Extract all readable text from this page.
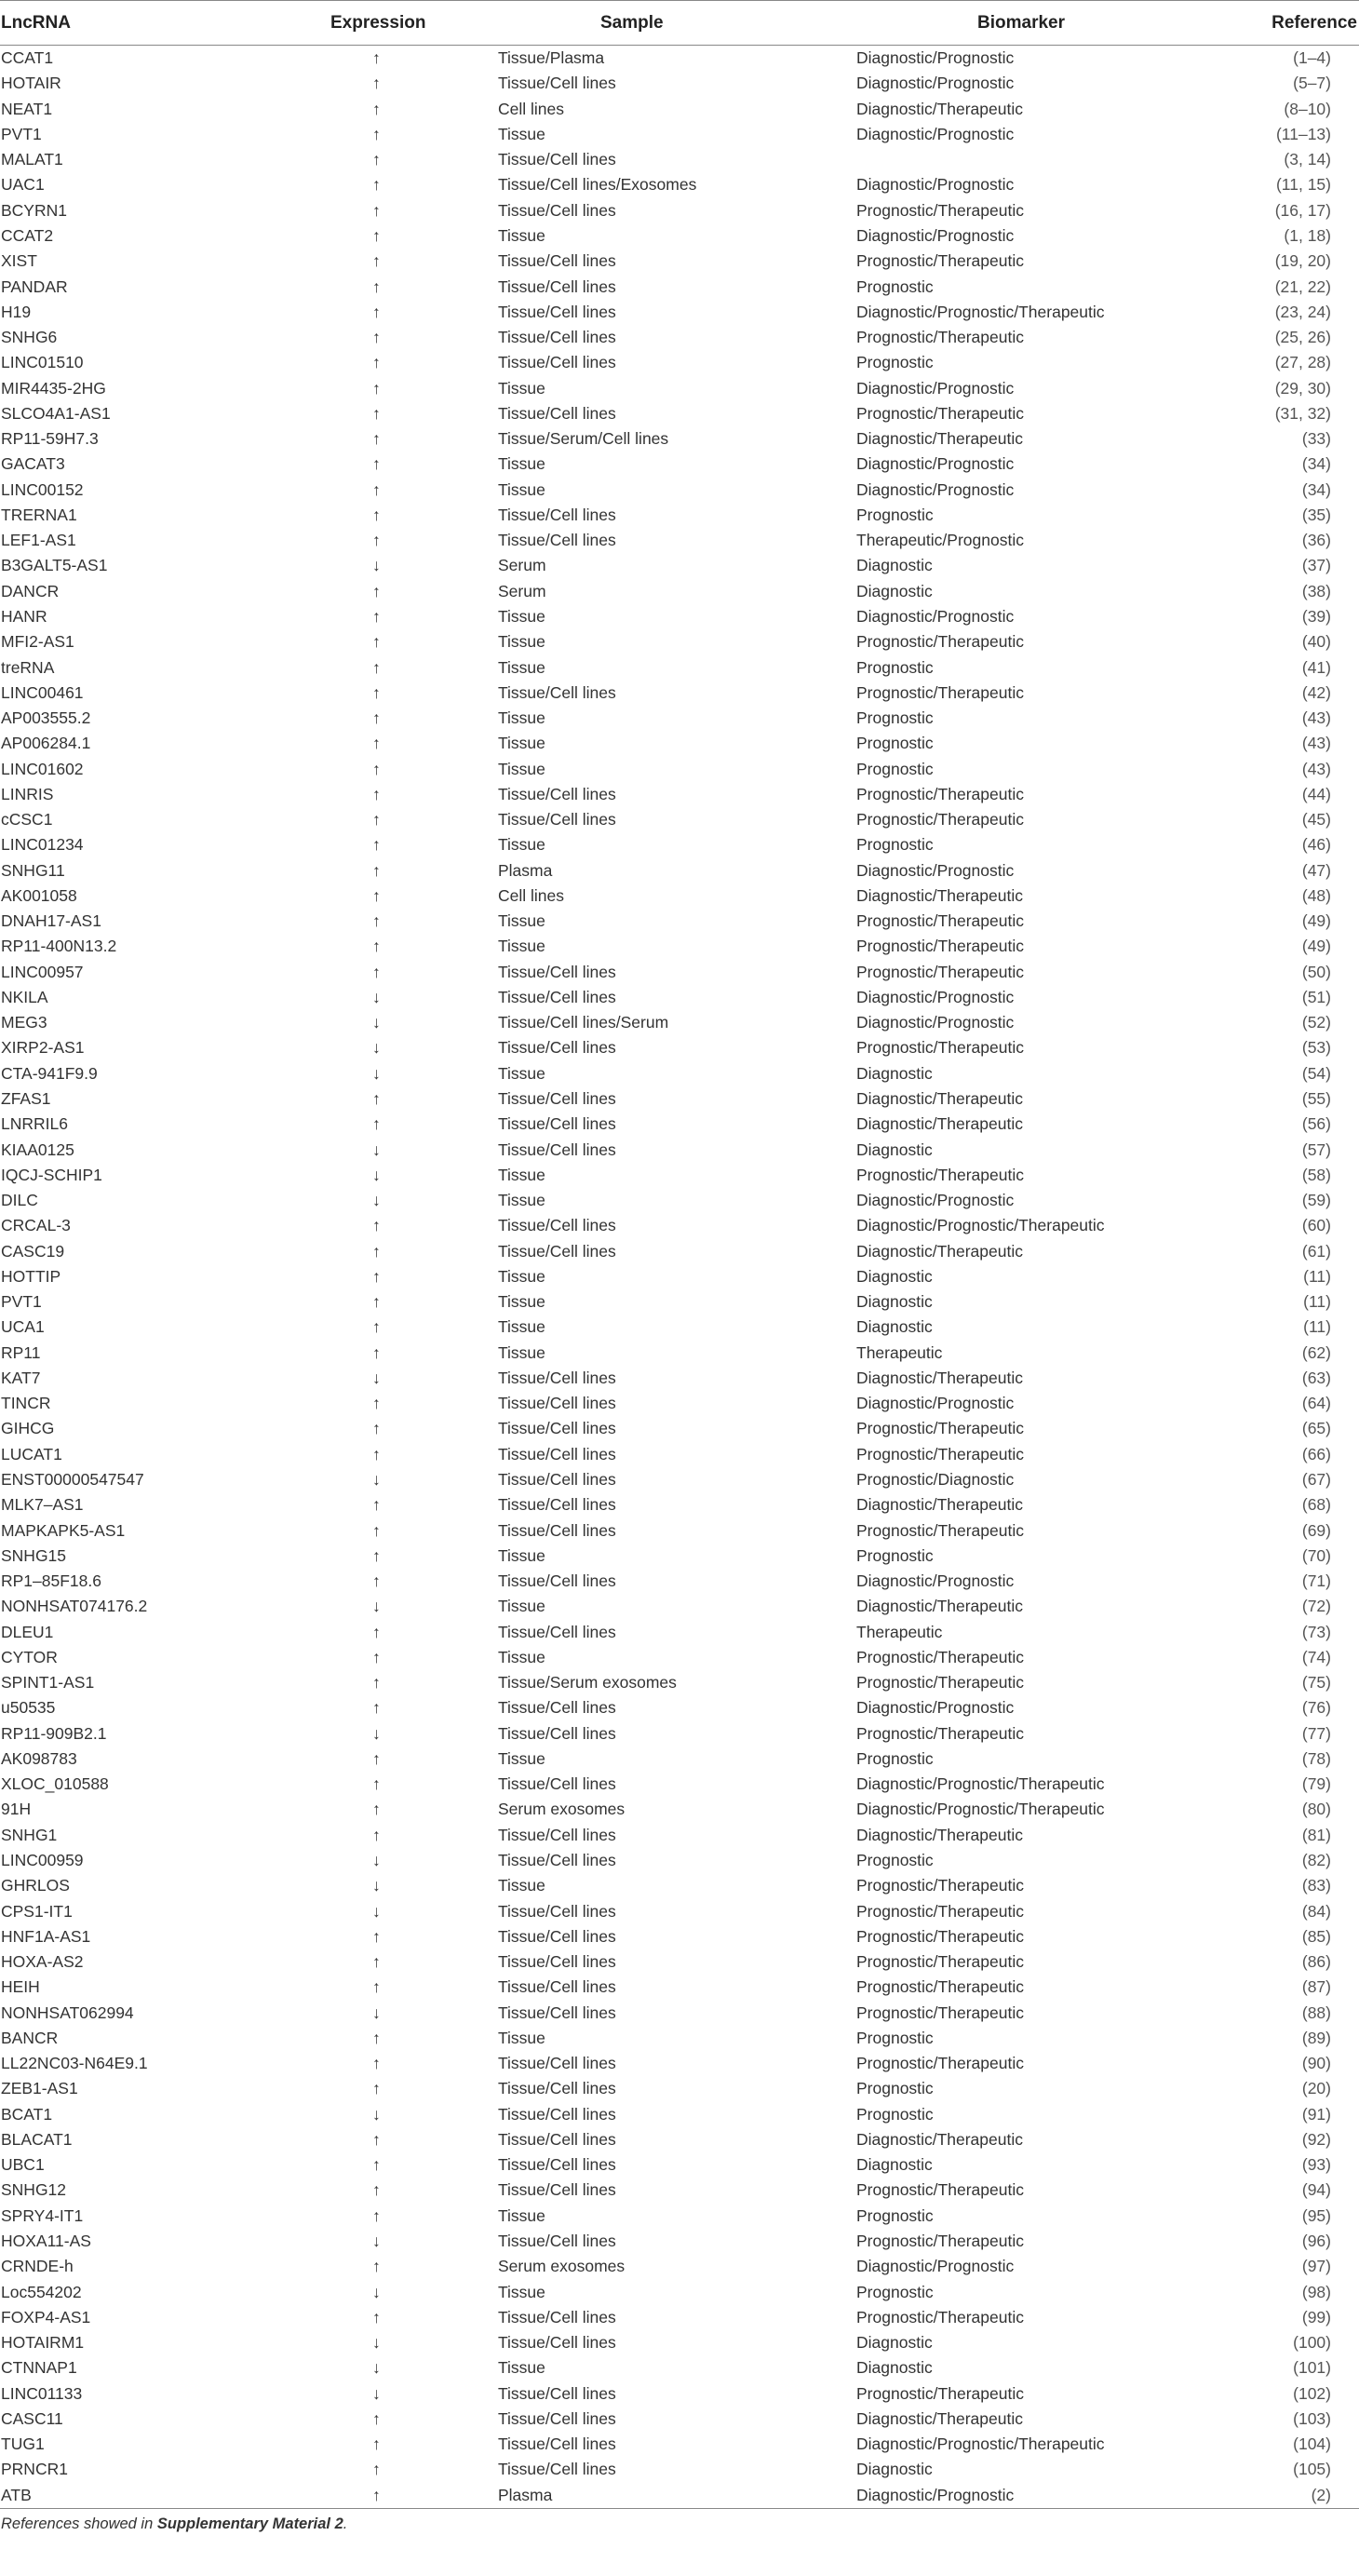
LncRNA	Expression	Sample	Biomarker	Reference
CCAT1	↑	Tissue/Plasma	Diagnostic/Prognostic	(1–4)
HOTAIR	↑	Tissue/Cell lines	Diagnostic/Prognostic	(5–7)
NEAT1	↑	Cell lines	Diagnostic/Therapeutic	(8–10)
PVT1	↑	Tissue	Diagnostic/Prognostic	(11–13)
MALAT1	↑	Tissue/Cell lines		(3, 14)
UAC1	↑	Tissue/Cell lines/Exosomes	Diagnostic/Prognostic	(11, 15)
BCYRN1	↑	Tissue/Cell lines	Prognostic/Therapeutic	(16, 17)
CCAT2	↑	Tissue	Diagnostic/Prognostic	(1, 18)
XIST	↑	Tissue/Cell lines	Prognostic/Therapeutic	(19, 20)
PANDAR	↑	Tissue/Cell lines	Prognostic	(21, 22)
H19	↑	Tissue/Cell lines	Diagnostic/Prognostic/Therapeutic	(23, 24)
SNHG6	↑	Tissue/Cell lines	Prognostic/Therapeutic	(25, 26)
LINC01510	↑	Tissue/Cell lines	Prognostic	(27, 28)
MIR4435-2HG	↑	Tissue	Diagnostic/Prognostic	(29, 30)
SLCO4A1-AS1	↑	Tissue/Cell lines	Prognostic/Therapeutic	(31, 32)
RP11-59H7.3	↑	Tissue/Serum/Cell lines	Diagnostic/Therapeutic	(33)
GACAT3	↑	Tissue	Diagnostic/Prognostic	(34)
LINC00152	↑	Tissue	Diagnostic/Prognostic	(34)
TRERNA1	↑	Tissue/Cell lines	Prognostic	(35)
LEF1-AS1	↑	Tissue/Cell lines	Therapeutic/Prognostic	(36)
B3GALT5-AS1	↓	Serum	Diagnostic	(37)
DANCR	↑	Serum	Diagnostic	(38)
HANR	↑	Tissue	Diagnostic/Prognostic	(39)
MFI2-AS1	↑	Tissue	Prognostic/Therapeutic	(40)
treRNA	↑	Tissue	Prognostic	(41)
LINC00461	↑	Tissue/Cell lines	Prognostic/Therapeutic	(42)
AP003555.2	↑	Tissue	Prognostic	(43)
AP006284.1	↑	Tissue	Prognostic	(43)
LINC01602	↑	Tissue	Prognostic	(43)
LINRIS	↑	Tissue/Cell lines	Prognostic/Therapeutic	(44)
cCSC1	↑	Tissue/Cell lines	Prognostic/Therapeutic	(45)
LINC01234	↑	Tissue	Prognostic	(46)
SNHG11	↑	Plasma	Diagnostic/Prognostic	(47)
AK001058	↑	Cell lines	Diagnostic/Therapeutic	(48)
DNAH17-AS1	↑	Tissue	Prognostic/Therapeutic	(49)
RP11-400N13.2	↑	Tissue	Prognostic/Therapeutic	(49)
LINC00957	↑	Tissue/Cell lines	Prognostic/Therapeutic	(50)
NKILA	↓	Tissue/Cell lines	Diagnostic/Prognostic	(51)
MEG3	↓	Tissue/Cell lines/Serum	Diagnostic/Prognostic	(52)
XIRP2-AS1	↓	Tissue/Cell lines	Prognostic/Therapeutic	(53)
CTA-941F9.9	↓	Tissue	Diagnostic	(54)
ZFAS1	↑	Tissue/Cell lines	Diagnostic/Therapeutic	(55)
LNRRIL6	↑	Tissue/Cell lines	Diagnostic/Therapeutic	(56)
KIAA0125	↓	Tissue/Cell lines	Diagnostic	(57)
IQCJ-SCHIP1	↓	Tissue	Prognostic/Therapeutic	(58)
DILC	↓	Tissue	Diagnostic/Prognostic	(59)
CRCAL-3	↑	Tissue/Cell lines	Diagnostic/Prognostic/Therapeutic	(60)
CASC19	↑	Tissue/Cell lines	Diagnostic/Therapeutic	(61)
HOTTIP	↑	Tissue	Diagnostic	(11)
PVT1	↑	Tissue	Diagnostic	(11)
UCA1	↑	Tissue	Diagnostic	(11)
RP11	↑	Tissue	Therapeutic	(62)
KAT7	↓	Tissue/Cell lines	Diagnostic/Therapeutic	(63)
TINCR	↑	Tissue/Cell lines	Diagnostic/Prognostic	(64)
GIHCG	↑	Tissue/Cell lines	Prognostic/Therapeutic	(65)
LUCAT1	↑	Tissue/Cell lines	Prognostic/Therapeutic	(66)
ENST00000547547	↓	Tissue/Cell lines	Prognostic/Diagnostic	(67)
MLK7–AS1	↑	Tissue/Cell lines	Diagnostic/Therapeutic	(68)
MAPKAPK5-AS1	↑	Tissue/Cell lines	Prognostic/Therapeutic	(69)
SNHG15	↑	Tissue	Prognostic	(70)
RP1–85F18.6	↑	Tissue/Cell lines	Diagnostic/Prognostic	(71)
NONHSAT074176.2	↓	Tissue	Diagnostic/Therapeutic	(72)
DLEU1	↑	Tissue/Cell lines	Therapeutic	(73)
CYTOR	↑	Tissue	Prognostic/Therapeutic	(74)
SPINT1-AS1	↑	Tissue/Serum exosomes	Prognostic/Therapeutic	(75)
u50535	↑	Tissue/Cell lines	Diagnostic/Prognostic	(76)
RP11-909B2.1	↓	Tissue/Cell lines	Prognostic/Therapeutic	(77)
AK098783	↑	Tissue	Prognostic	(78)
XLOC_010588	↑	Tissue/Cell lines	Diagnostic/Prognostic/Therapeutic	(79)
91H	↑	Serum exosomes	Diagnostic/Prognostic/Therapeutic	(80)
SNHG1	↑	Tissue/Cell lines	Diagnostic/Therapeutic	(81)
LINC00959	↓	Tissue/Cell lines	Prognostic	(82)
GHRLOS	↓	Tissue	Prognostic/Therapeutic	(83)
CPS1-IT1	↓	Tissue/Cell lines	Prognostic/Therapeutic	(84)
HNF1A-AS1	↑	Tissue/Cell lines	Prognostic/Therapeutic	(85)
HOXA-AS2	↑	Tissue/Cell lines	Prognostic/Therapeutic	(86)
HEIH	↑	Tissue/Cell lines	Prognostic/Therapeutic	(87)
NONHSAT062994	↓	Tissue/Cell lines	Prognostic/Therapeutic	(88)
BANCR	↑	Tissue	Prognostic	(89)
LL22NC03-N64E9.1	↑	Tissue/Cell lines	Prognostic/Therapeutic	(90)
ZEB1-AS1	↑	Tissue/Cell lines	Prognostic	(20)
BCAT1	↓	Tissue/Cell lines	Prognostic	(91)
BLACAT1	↑	Tissue/Cell lines	Diagnostic/Therapeutic	(92)
UBC1	↑	Tissue/Cell lines	Diagnostic	(93)
SNHG12	↑	Tissue/Cell lines	Prognostic/Therapeutic	(94)
SPRY4-IT1	↑	Tissue	Prognostic	(95)
HOXA11-AS	↓	Tissue/Cell lines	Prognostic/Therapeutic	(96)
CRNDE-h	↑	Serum exosomes	Diagnostic/Prognostic	(97)
Loc554202	↓	Tissue	Prognostic	(98)
FOXP4-AS1	↑	Tissue/Cell lines	Prognostic/Therapeutic	(99)
HOTAIRM1	↓	Tissue/Cell lines	Diagnostic	(100)
CTNNAP1	↓	Tissue	Diagnostic	(101)
LINC01133	↓	Tissue/Cell lines	Prognostic/Therapeutic	(102)
CASC11	↑	Tissue/Cell lines	Diagnostic/Therapeutic	(103)
TUG1	↑	Tissue/Cell lines	Diagnostic/Prognostic/Therapeutic	(104)
PRNCR1	↑	Tissue/Cell lines	Diagnostic	(105)
ATB	↑	Plasma	Diagnostic/Prognostic	(2)
References showed in Supplementary Material 2.
